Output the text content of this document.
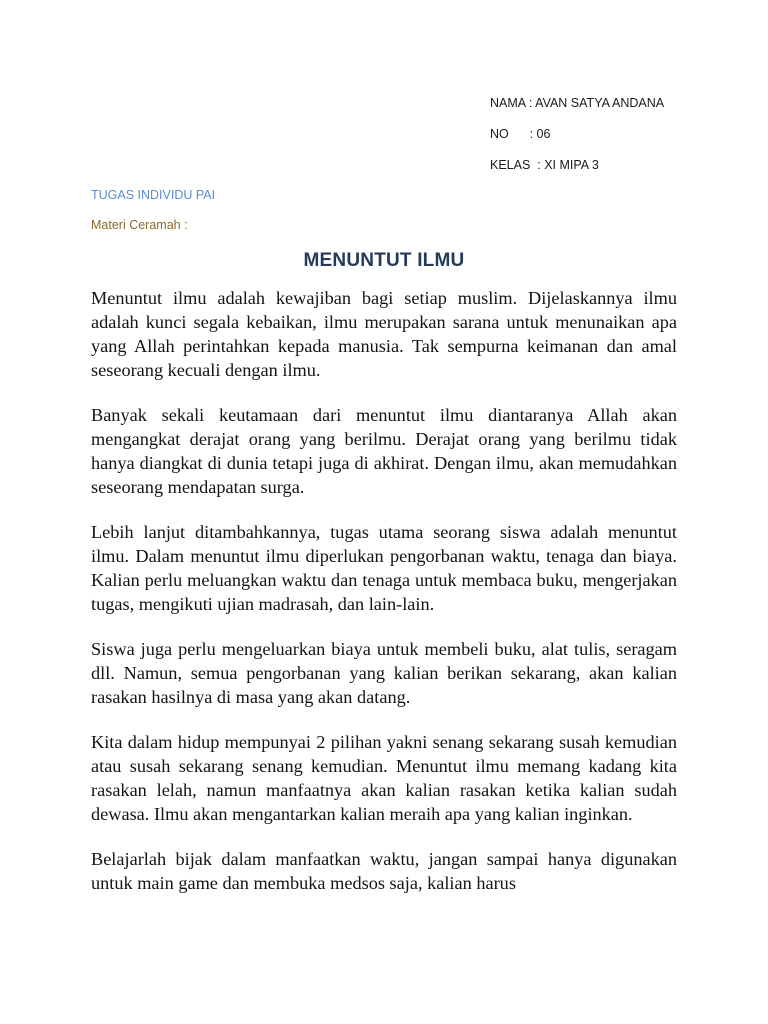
NAMA : AVAN SATYA ANDANA
NO      : 06
KELAS  : XI MIPA 3
TUGAS INDIVIDU PAI
Materi Ceramah :
MENUNTUT ILMU

Menuntut ilmu adalah kewajiban bagi setiap muslim. Dijelaskannya ilmu adalah kunci segala kebaikan, ilmu merupakan sarana untuk menunaikan apa yang Allah perintahkan kepada manusia. Tak sempurna keimanan dan amal seseorang kecuali dengan ilmu.

Banyak sekali keutamaan dari menuntut ilmu diantaranya Allah akan mengangkat derajat orang yang berilmu. Derajat orang yang berilmu tidak hanya diangkat di dunia tetapi juga di akhirat. Dengan ilmu, akan memudahkan seseorang mendapatan surga.

Lebih lanjut ditambahkannya, tugas utama seorang siswa adalah menuntut ilmu. Dalam menuntut ilmu diperlukan pengorbanan waktu, tenaga dan biaya. Kalian perlu meluangkan waktu dan tenaga untuk membaca buku, mengerjakan tugas, mengikuti ujian madrasah, dan lain-lain.

Siswa juga perlu mengeluarkan biaya untuk membeli buku, alat tulis, seragam dll. Namun, semua pengorbanan yang kalian berikan sekarang, akan kalian rasakan hasilnya di masa yang akan datang.

Kita dalam hidup mempunyai 2 pilihan yakni senang sekarang susah kemudian atau susah sekarang senang kemudian. Menuntut ilmu memang kadang kita rasakan lelah, namun manfaatnya akan kalian rasakan ketika kalian sudah dewasa. Ilmu akan mengantarkan kalian meraih apa yang kalian inginkan.

Belajarlah bijak dalam manfaatkan waktu, jangan sampai hanya digunakan untuk main game dan membuka medsos saja, kalian harus
